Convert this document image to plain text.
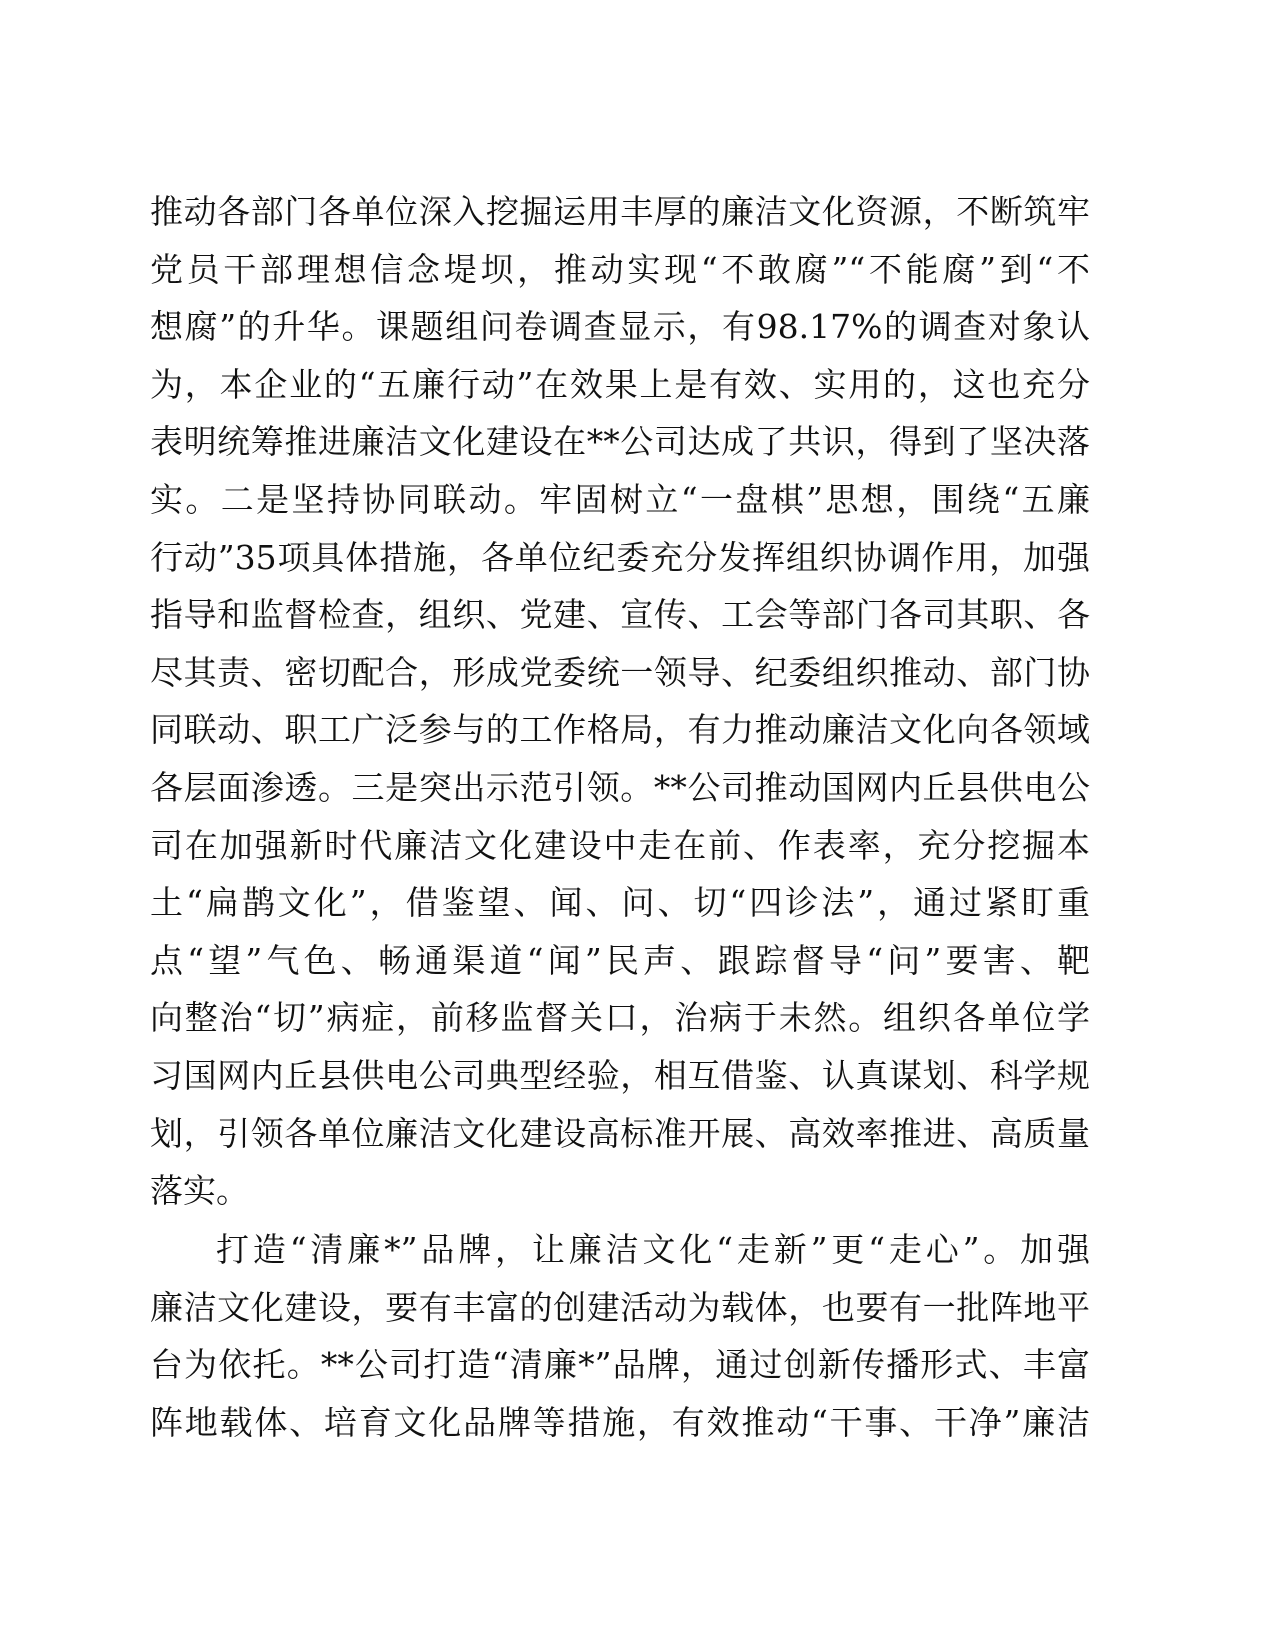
推动各部门各单位深入挖掘运用丰厚的廉洁文化资源，不断筑牢
党员干部理想信念堤坝，推动实现“不敢腐”“不能腐”到“不
想腐”的升华。课题组问卷调查显示，有98.17%的调查对象认
为，本企业的“五廉行动”在效果上是有效、实用的，这也充分
表明统筹推进廉洁文化建设在**公司达成了共识，得到了坚决落
实。二是坚持协同联动。牢固树立“一盘棋”思想，围绕“五廉
行动”35项具体措施，各单位纪委充分发挥组织协调作用，加强
指导和监督检查，组织、党建、宣传、工会等部门各司其职、各
尽其责、密切配合，形成党委统一领导、纪委组织推动、部门协
同联动、职工广泛参与的工作格局，有力推动廉洁文化向各领域
各层面渗透。三是突出示范引领。**公司推动国网内丘县供电公
司在加强新时代廉洁文化建设中走在前、作表率，充分挖掘本
土“扁鹊文化”，借鉴望、闻、问、切“四诊法”，通过紧盯重
点“望”气色、畅通渠道“闻”民声、跟踪督导“问”要害、靶
向整治“切”病症，前移监督关口，治病于未然。组织各单位学
习国网内丘县供电公司典型经验，相互借鉴、认真谋划、科学规
划，引领各单位廉洁文化建设高标准开展、高效率推进、高质量
落实。
打造“清廉*”品牌，让廉洁文化“走新”更“走心”。加强
廉洁文化建设，要有丰富的创建活动为载体，也要有一批阵地平
台为依托。**公司打造“清廉*”品牌，通过创新传播形式、丰富
阵地载体、培育文化品牌等措施，有效推动“干事、干净”廉洁
